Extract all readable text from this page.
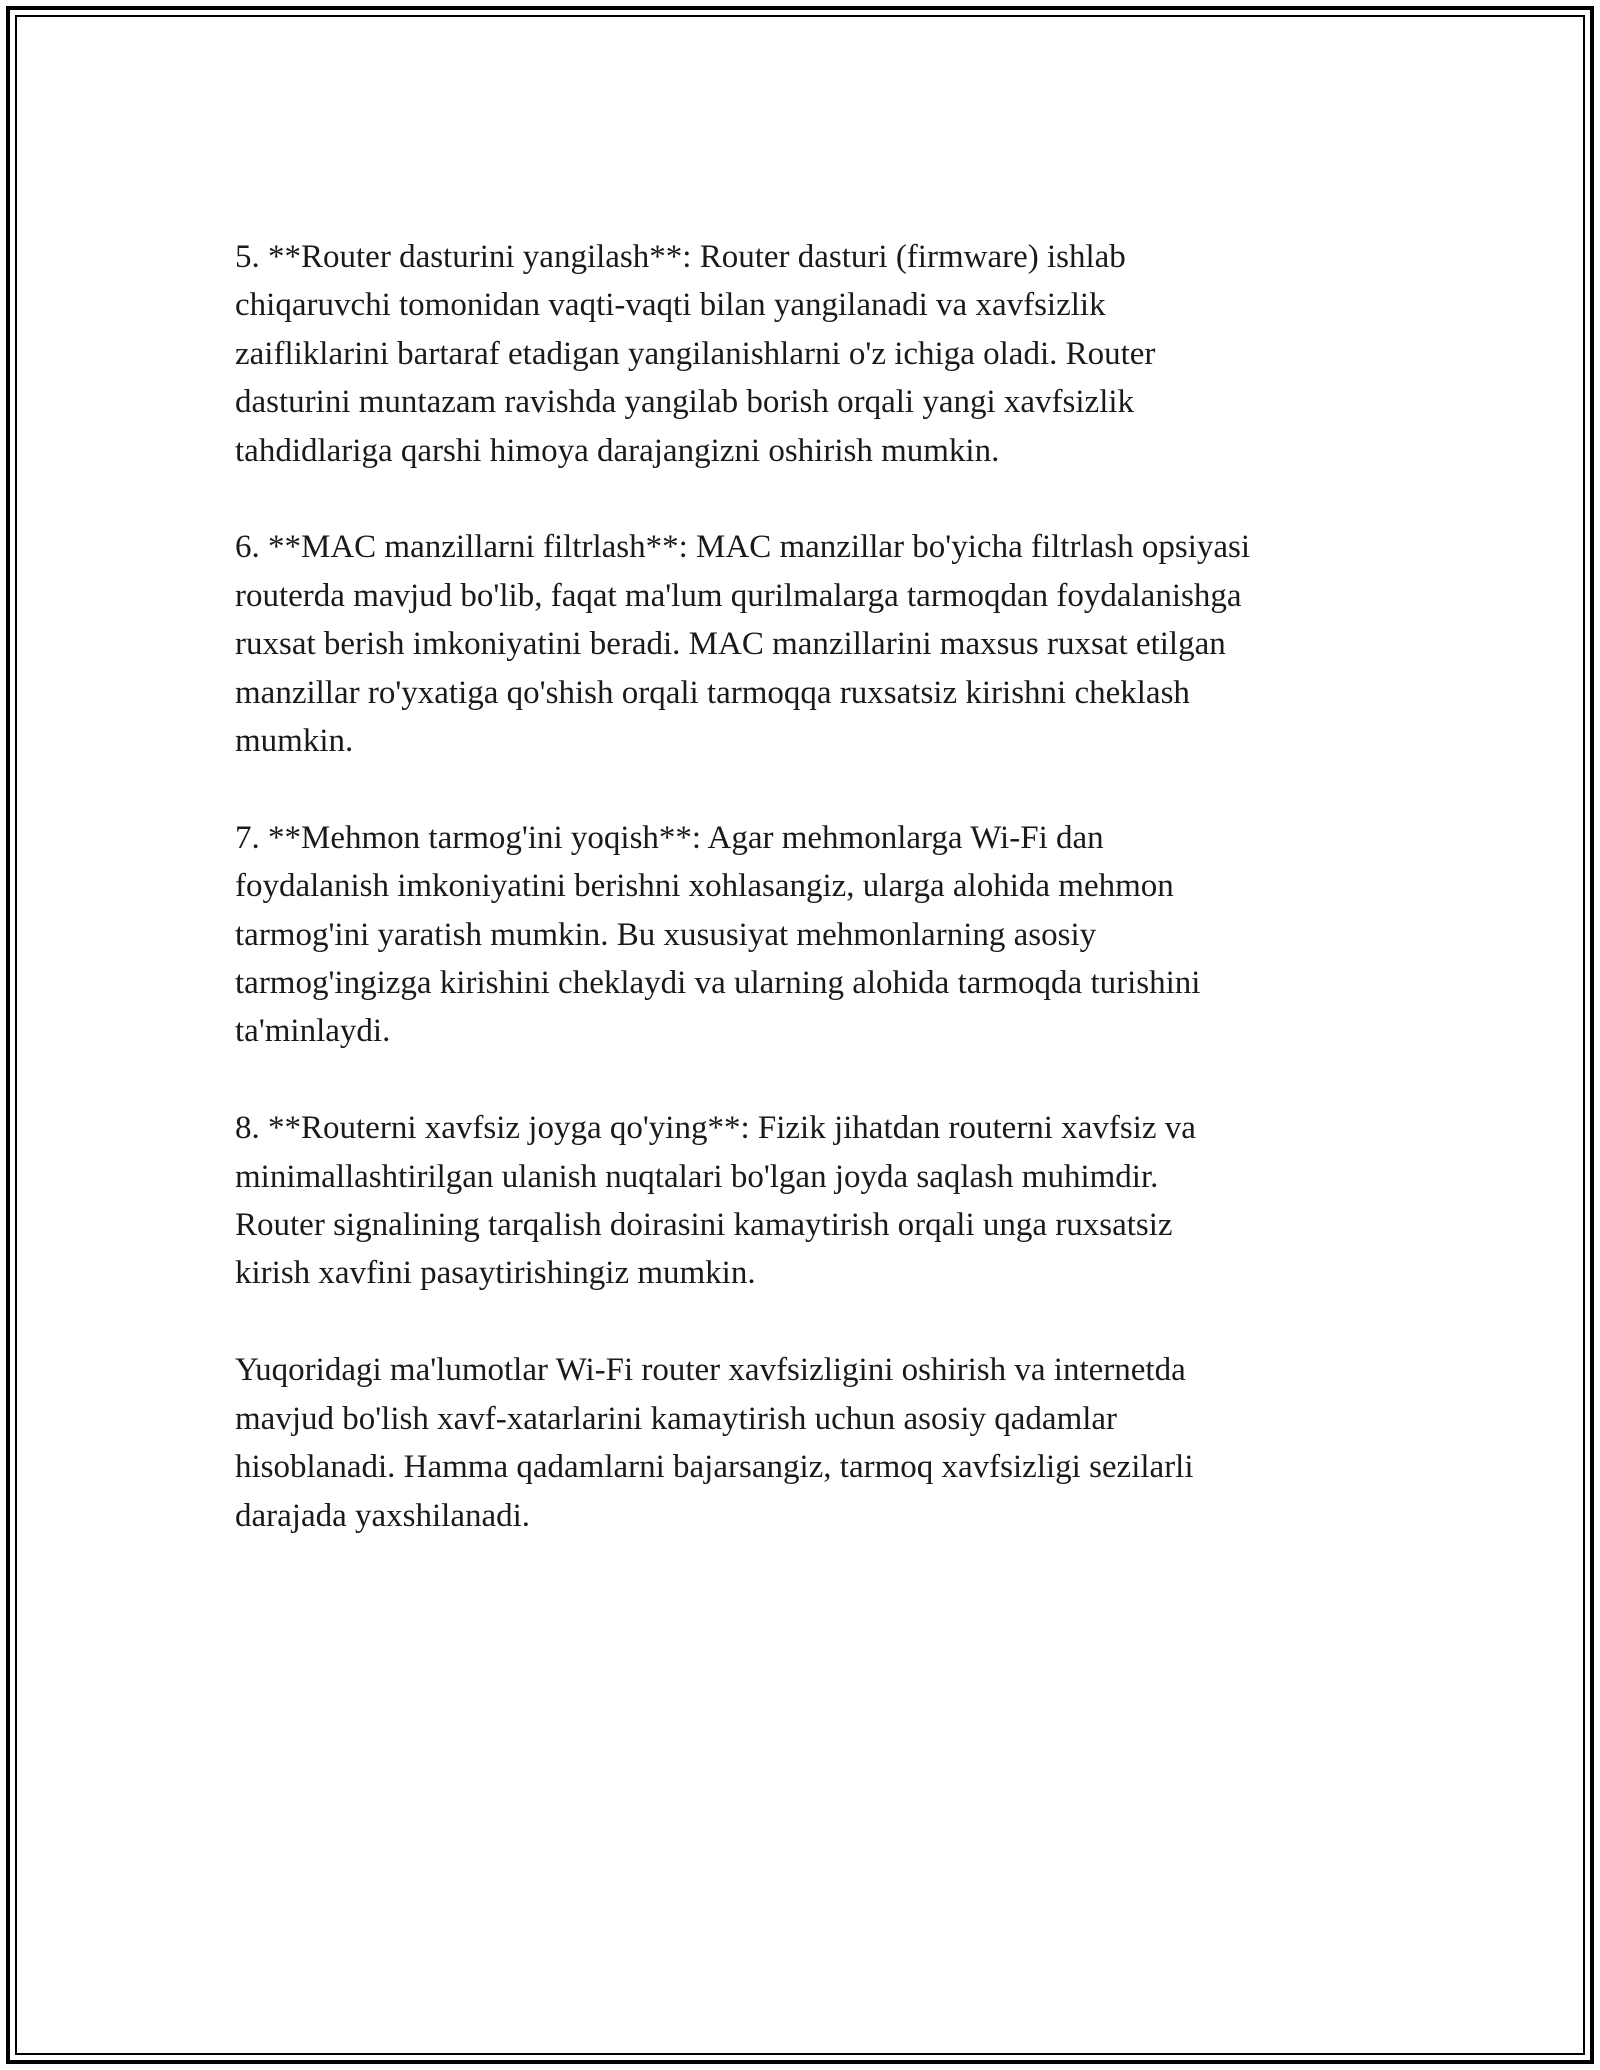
5. **Router dasturini yangilash**: Router dasturi (firmware) ishlab
chiqaruvchi tomonidan vaqti-vaqti bilan yangilanadi va xavfsizlik
zaifliklarini bartaraf etadigan yangilanishlarni o'z ichiga oladi. Router
dasturini muntazam ravishda yangilab borish orqali yangi xavfsizlik
tahdidlariga qarshi himoya darajangizni oshirish mumkin.

6. **MAC manzillarni filtrlash**: MAC manzillar bo'yicha filtrlash opsiyasi
routerda mavjud bo'lib, faqat ma'lum qurilmalarga tarmoqdan foydalanishga
ruxsat berish imkoniyatini beradi. MAC manzillarini maxsus ruxsat etilgan
manzillar ro'yxatiga qo'shish orqali tarmoqqa ruxsatsiz kirishni cheklash
mumkin.

7. **Mehmon tarmog'ini yoqish**: Agar mehmonlarga Wi-Fi dan
foydalanish imkoniyatini berishni xohlasangiz, ularga alohida mehmon
tarmog'ini yaratish mumkin. Bu xususiyat mehmonlarning asosiy
tarmog'ingizga kirishini cheklaydi va ularning alohida tarmoqda turishini
ta'minlaydi.

8. **Routerni xavfsiz joyga qo'ying**: Fizik jihatdan routerni xavfsiz va
minimallashtirilgan ulanish nuqtalari bo'lgan joyda saqlash muhimdir.
Router signalining tarqalish doirasini kamaytirish orqali unga ruxsatsiz
kirish xavfini pasaytirishingiz mumkin.

Yuqoridagi ma'lumotlar Wi-Fi router xavfsizligini oshirish va internetda
mavjud bo'lish xavf-xatarlarini kamaytirish uchun asosiy qadamlar
hisoblanadi. Hamma qadamlarni bajarsangiz, tarmoq xavfsizligi sezilarli
darajada yaxshilanadi.
